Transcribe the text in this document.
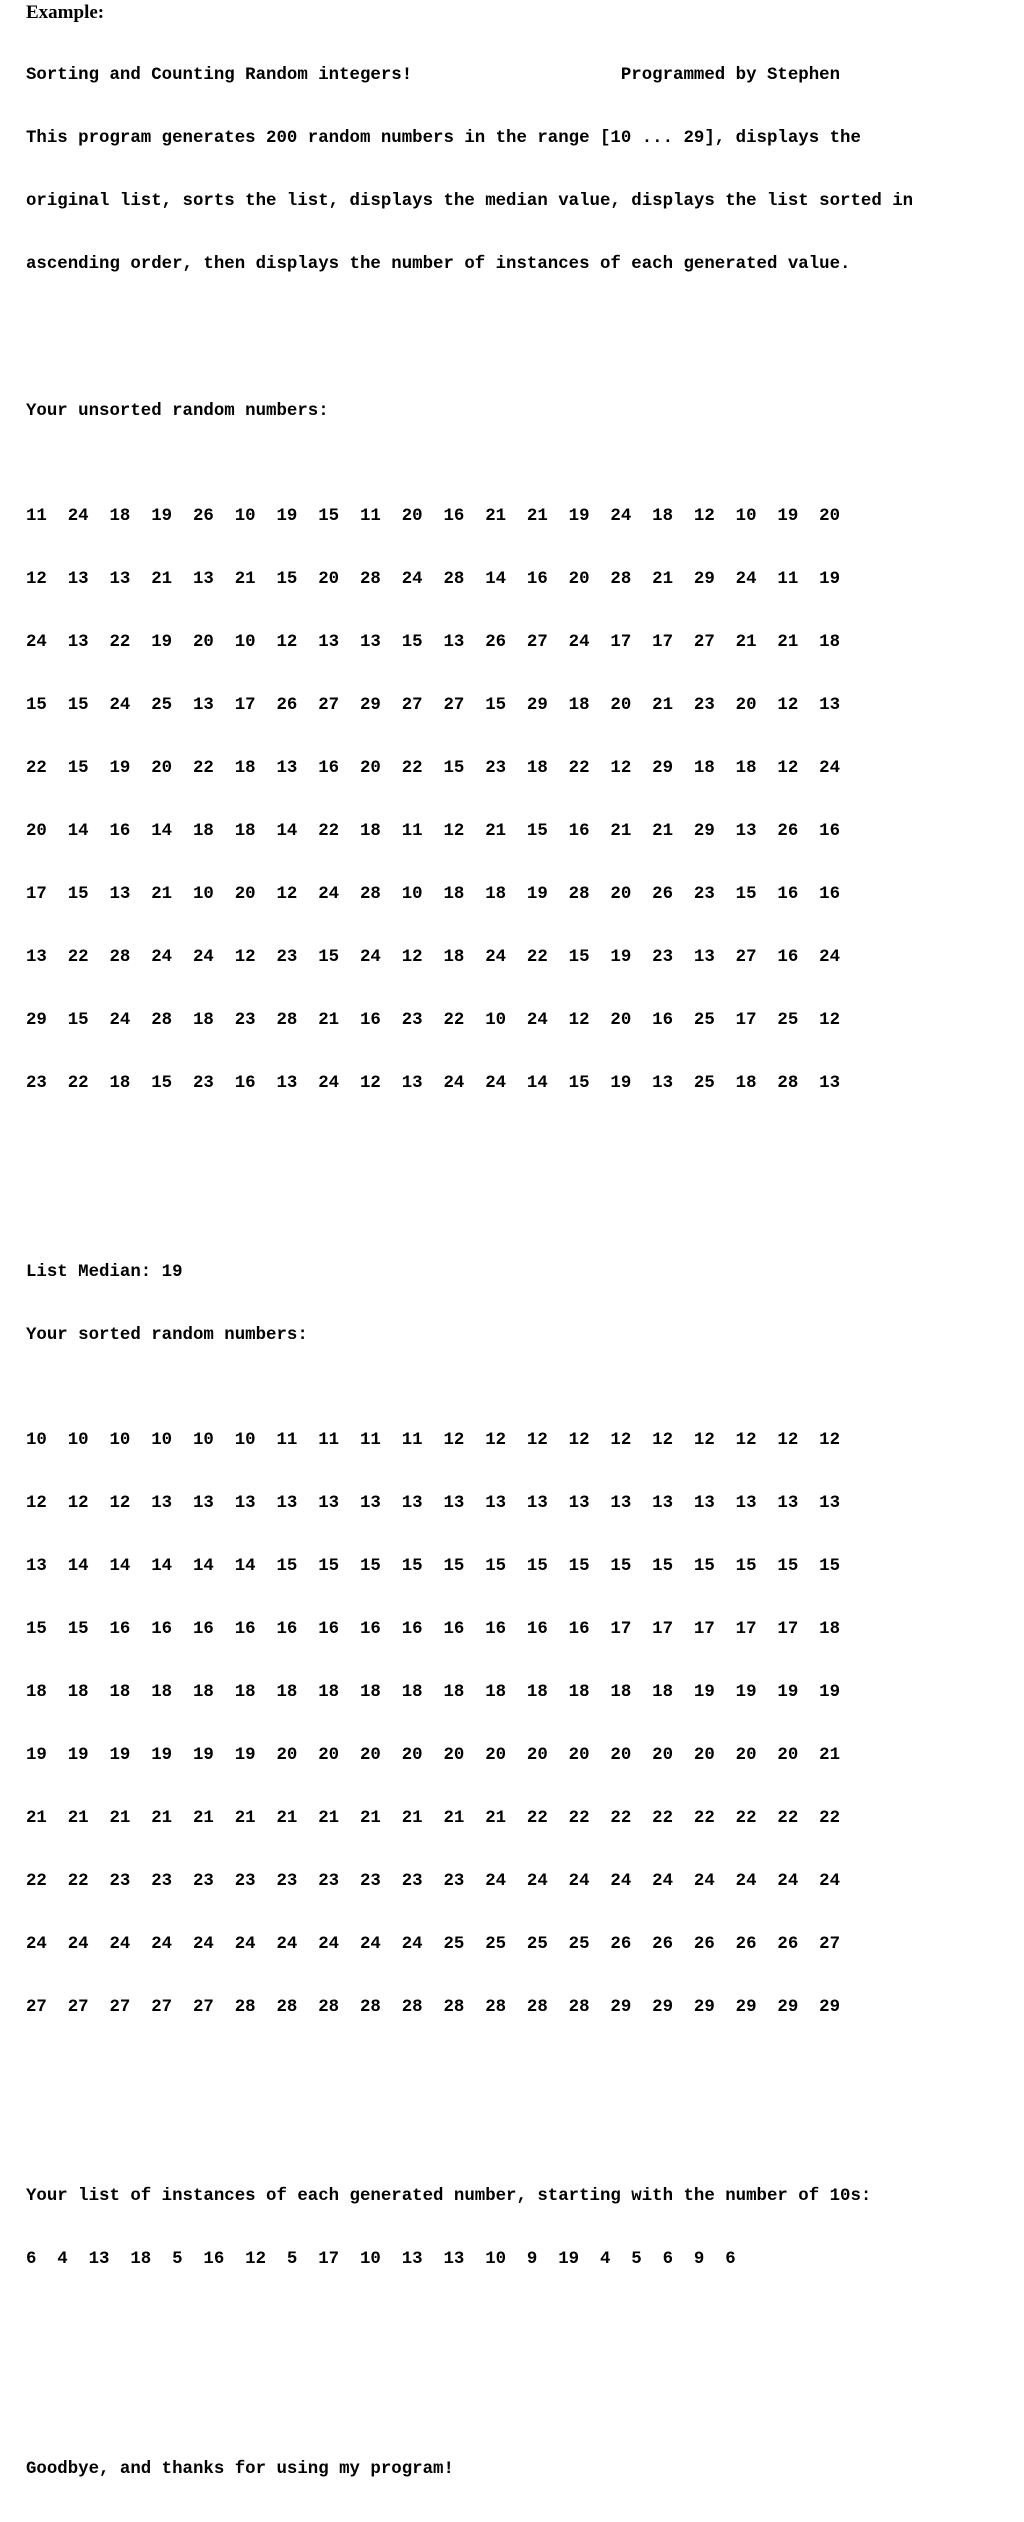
Example:

Sorting and Counting Random integers!                    Programmed by Stephen

This program generates 200 random numbers in the range [10 ... 29], displays the

original list, sorts the list, displays the median value, displays the list sorted in

ascending order, then displays the number of instances of each generated value.

Your unsorted random numbers:

11  24  18  19  26  10  19  15  11  20  16  21  21  19  24  18  12  10  19  20

12  13  13  21  13  21  15  20  28  24  28  14  16  20  28  21  29  24  11  19

24  13  22  19  20  10  12  13  13  15  13  26  27  24  17  17  27  21  21  18

15  15  24  25  13  17  26  27  29  27  27  15  29  18  20  21  23  20  12  13

22  15  19  20  22  18  13  16  20  22  15  23  18  22  12  29  18  18  12  24

20  14  16  14  18  18  14  22  18  11  12  21  15  16  21  21  29  13  26  16

17  15  13  21  10  20  12  24  28  10  18  18  19  28  20  26  23  15  16  16

13  22  28  24  24  12  23  15  24  12  18  24  22  15  19  23  13  27  16  24

29  15  24  28  18  23  28  21  16  23  22  10  24  12  20  16  25  17  25  12

23  22  18  15  23  16  13  24  12  13  24  24  14  15  19  13  25  18  28  13

List Median: 19

Your sorted random numbers:

10  10  10  10  10  10  11  11  11  11  12  12  12  12  12  12  12  12  12  12

12  12  12  13  13  13  13  13  13  13  13  13  13  13  13  13  13  13  13  13

13  14  14  14  14  14  15  15  15  15  15  15  15  15  15  15  15  15  15  15

15  15  16  16  16  16  16  16  16  16  16  16  16  16  17  17  17  17  17  18

18  18  18  18  18  18  18  18  18  18  18  18  18  18  18  18  19  19  19  19

19  19  19  19  19  19  20  20  20  20  20  20  20  20  20  20  20  20  20  21

21  21  21  21  21  21  21  21  21  21  21  21  22  22  22  22  22  22  22  22

22  22  23  23  23  23  23  23  23  23  23  24  24  24  24  24  24  24  24  24

24  24  24  24  24  24  24  24  24  24  25  25  25  25  26  26  26  26  26  27

27  27  27  27  27  28  28  28  28  28  28  28  28  28  29  29  29  29  29  29

Your list of instances of each generated number, starting with the number of 10s:

6  4  13  18  5  16  12  5  17  10  13  13  10  9  19  4  5  6  9  6

Goodbye, and thanks for using my program!
